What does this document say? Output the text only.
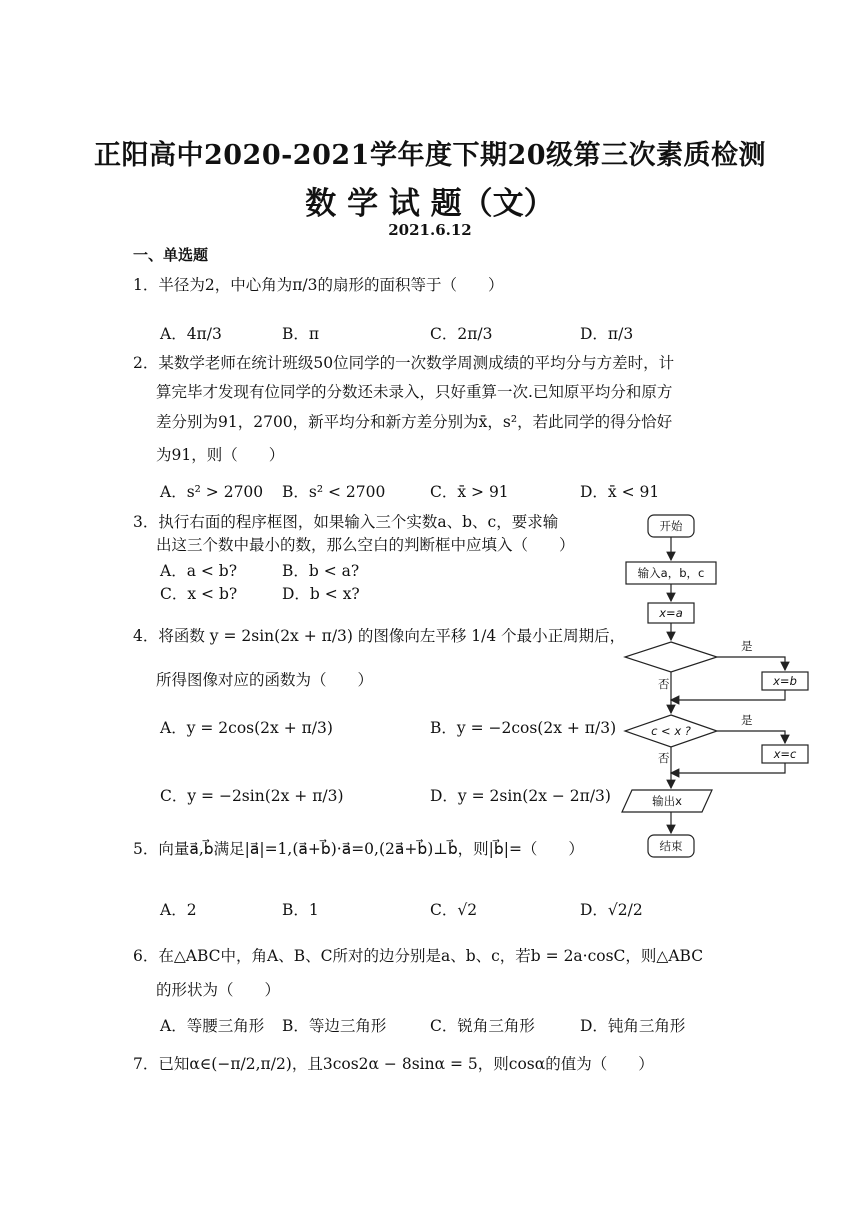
正阳高中2020-2021学年度下期20级第三次素质检测
数 学 试 题（文）
2021.6.12
一、单选题
1．半径为2，中心角为π/3的扇形的面积等于（　　）
A．4π/3	B．π	C．2π/3	D．π/3
2．某数学老师在统计班级50位同学的一次数学周测成绩的平均分与方差时，计
算完毕才发现有位同学的分数还未录入，只好重算一次.已知原平均分和原方
差分别为91，2700，新平均分和新方差分别为x̄，s²，若此同学的得分恰好
为91，则（　　）
A．s² > 2700 B．s² < 2700	C．x̄ > 91	D．x̄ < 91
3．执行右面的程序框图，如果输入三个实数a、b、c，要求输
出这三个数中最小的数，那么空白的判断框中应填入（　　）
A．a < b?	B．b < a?
C．x < b?	D．b < x?
4．将函数 y = 2sin(2x + π/3) 的图像向左平移 1/4 个最小正周期后，
所得图像对应的函数为（　　）
A．y = 2cos(2x + π/3)	B．y = −2cos(2x + π/3)
C．y = −2sin(2x + π/3)	D．y = 2sin(2x − 2π/3)
5．向量a⃗,b⃗满足|a⃗|=1,(a⃗+b⃗)·a⃗=0,(2a⃗+b⃗)⊥b⃗，则|b⃗|=（　　）
A．2	B．1	C．√2	D．√2/2
6．在△ABC中，角A、B、C所对的边分别是a、b、c，若b = 2a·cosC，则△ABC
的形状为（　　）
A．等腰三角形 B．等边三角形	C．锐角三角形	D．钝角三角形
7．已知α∈(−π/2,π/2)，且3cos2α − 8sinα = 5，则cosα的值为（　　）
开始
输入a，b，c
x=a
是
否	x=b
c < x ?
是
否	x=c
输出x
结束
